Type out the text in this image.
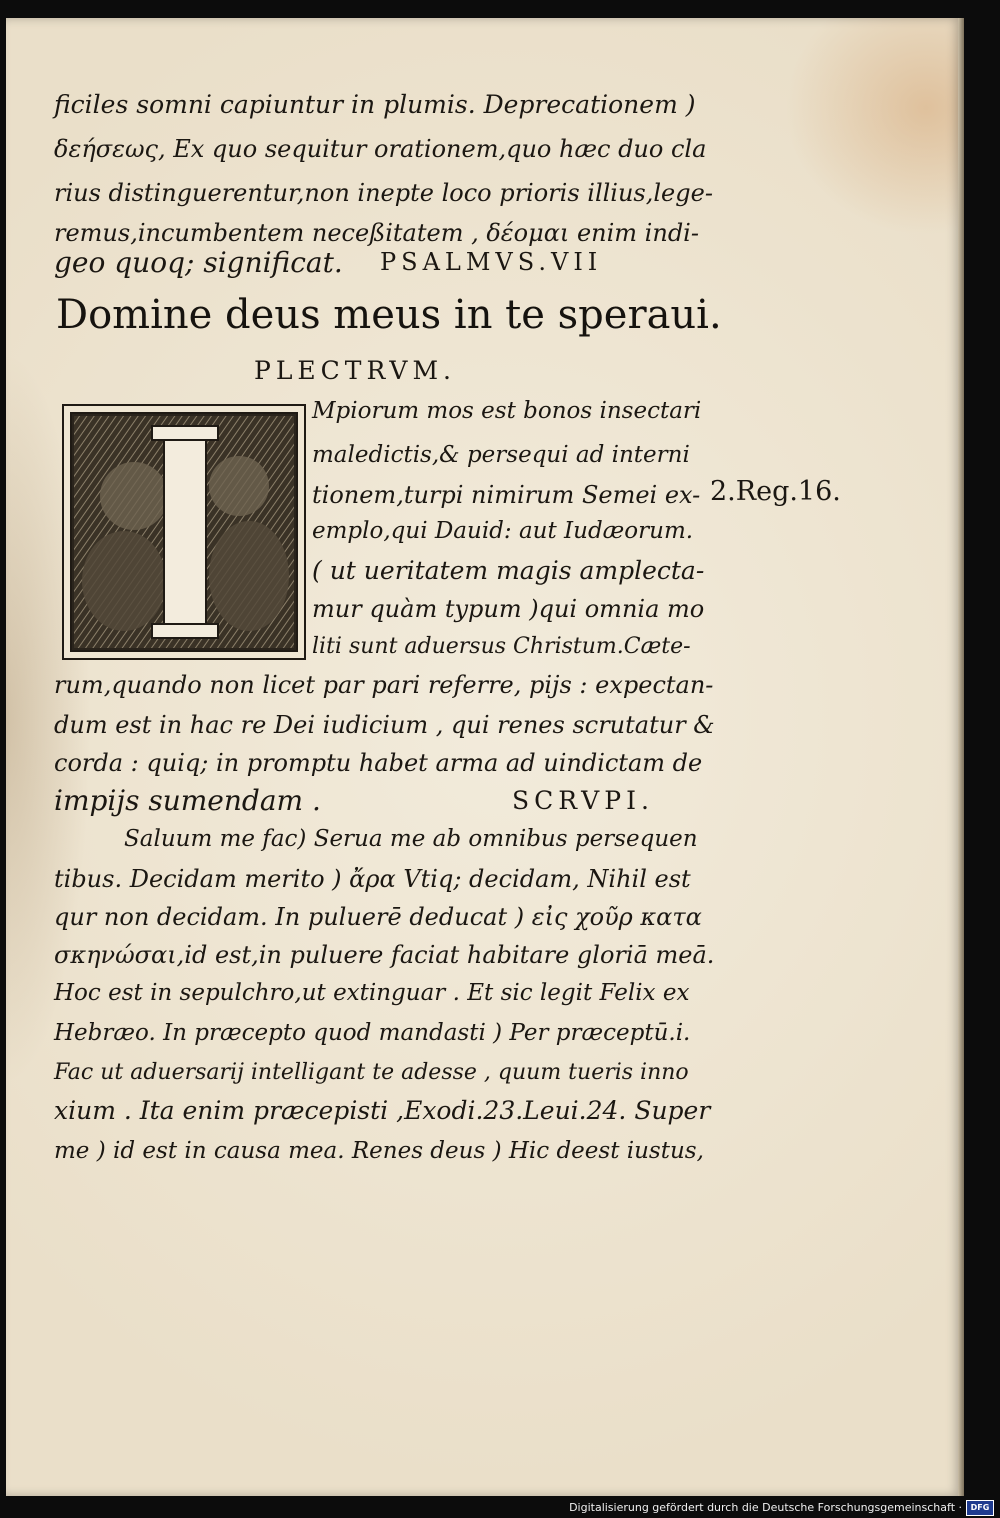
ficiles somni capiuntur in plumis. Deprecationem )
δεήσεως, Ex quo sequitur orationem,quo hæc duo cla
rius distinguerentur,non inepte loco prioris illius,lege-
remus,incumbentem neceßitatem , δέομαι enim indi-
geo quoq; significat. PSALMVS.VII
Domine deus meus in te speraui.
PLECTRVM.
Mpiorum mos est bonos insectari
maledictis,& persequi ad interni
tionem,turpi nimirum Semei ex-
emplo,qui Dauid: aut Iudæorum.
( ut ueritatem magis amplecta-
mur quàm typum )qui omnia mo
liti sunt aduersus Christum.Cæte-
2.Reg.16.
rum,quando non licet par pari referre, pijs : expectan-
dum est in hac re Dei iudicium , qui renes scrutatur &
corda : quiq; in promptu habet arma ad uindictam de
impijs sumendam .	SCRVPI.
Saluum me fac) Serua me ab omnibus persequen
tibus. Decidam merito ) ἄρα Vtiq; decidam, Nihil est
qur non decidam. In puluerē deducat ) εἰς χοῦρ κατα
σκηνώσαι,id est,in puluere faciat habitare gloriā meā.
Hoc est in sepulchro,ut extinguar . Et sic legit Felix ex
Hebræo. In præcepto quod mandasti ) Per præceptū.i.
Fac ut aduersarij intelligant te adesse , quum tueris inno
xium . Ita enim præcepisti ,Exodi.23.Leui.24. Super
me ) id est in causa mea. Renes deus ) Hic deest iustus,
Digitalisierung gefördert durch die Deutsche Forschungsgemeinschaft ·	DFG
